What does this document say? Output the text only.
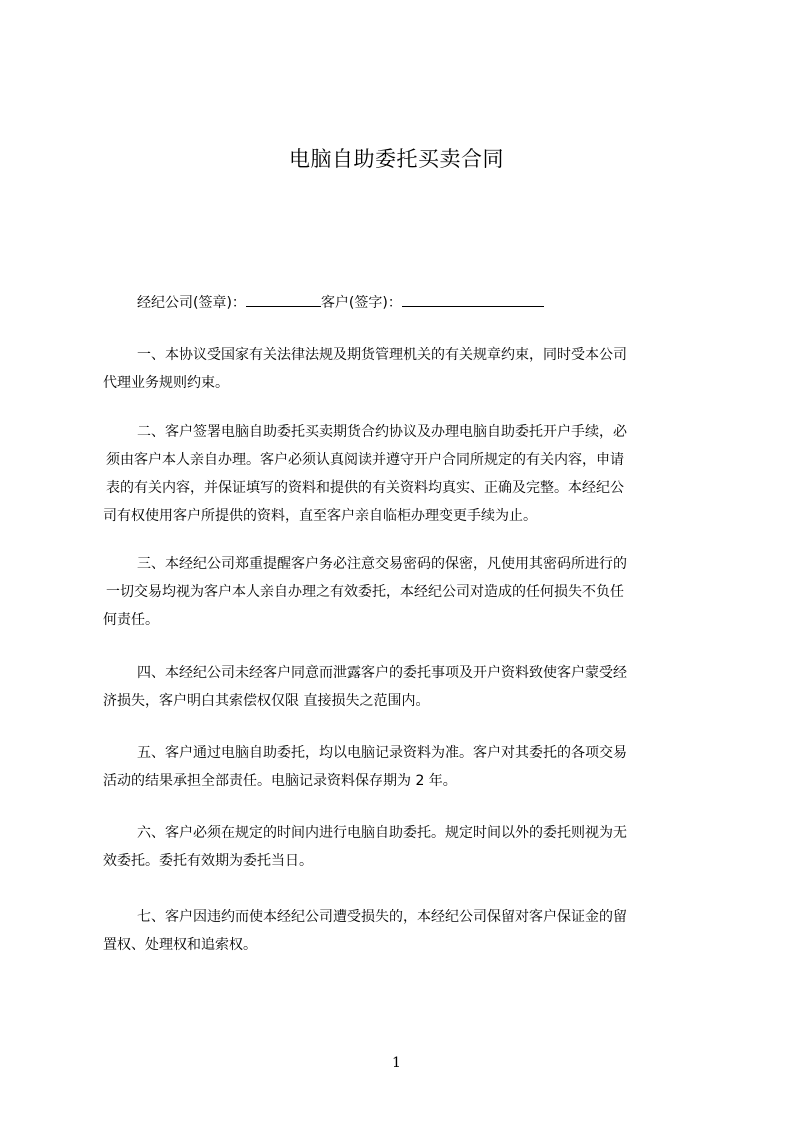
电脑自助委托买卖合同
经纪公司(签章)：	客户(签字)：
一、本协议受国家有关法律法规及期货管理机关的有关规章约束，同时受本公司
代理业务规则约束。
二、客户签署电脑自助委托买卖期货合约协议及办理电脑自助委托开户手续，必
须由客户本人亲自办理。客户必须认真阅读并遵守开户合同所规定的有关内容，申请
表的有关内容，并保证填写的资料和提供的有关资料均真实、正确及完整。本经纪公
司有权使用客户所提供的资料，直至客户亲自临柜办理变更手续为止。
三、本经纪公司郑重提醒客户务必注意交易密码的保密，凡使用其密码所进行的
一切交易均视为客户本人亲自办理之有效委托，本经纪公司对造成的任何损失不负任
何责任。
四、本经纪公司未经客户同意而泄露客户的委托事项及开户资料致使客户蒙受经
济损失，客户明白其索偿权仅限 直接损失之范围内。
五、客户通过电脑自助委托，均以电脑记录资料为准。客户对其委托的各项交易
活动的结果承担全部责任。电脑记录资料保存期为 2 年。
六、客户必须在规定的时间内进行电脑自助委托。规定时间以外的委托则视为无
效委托。委托有效期为委托当日。
七、客户因违约而使本经纪公司遭受损失的，本经纪公司保留对客户保证金的留
置权、处理权和追索权。
1
